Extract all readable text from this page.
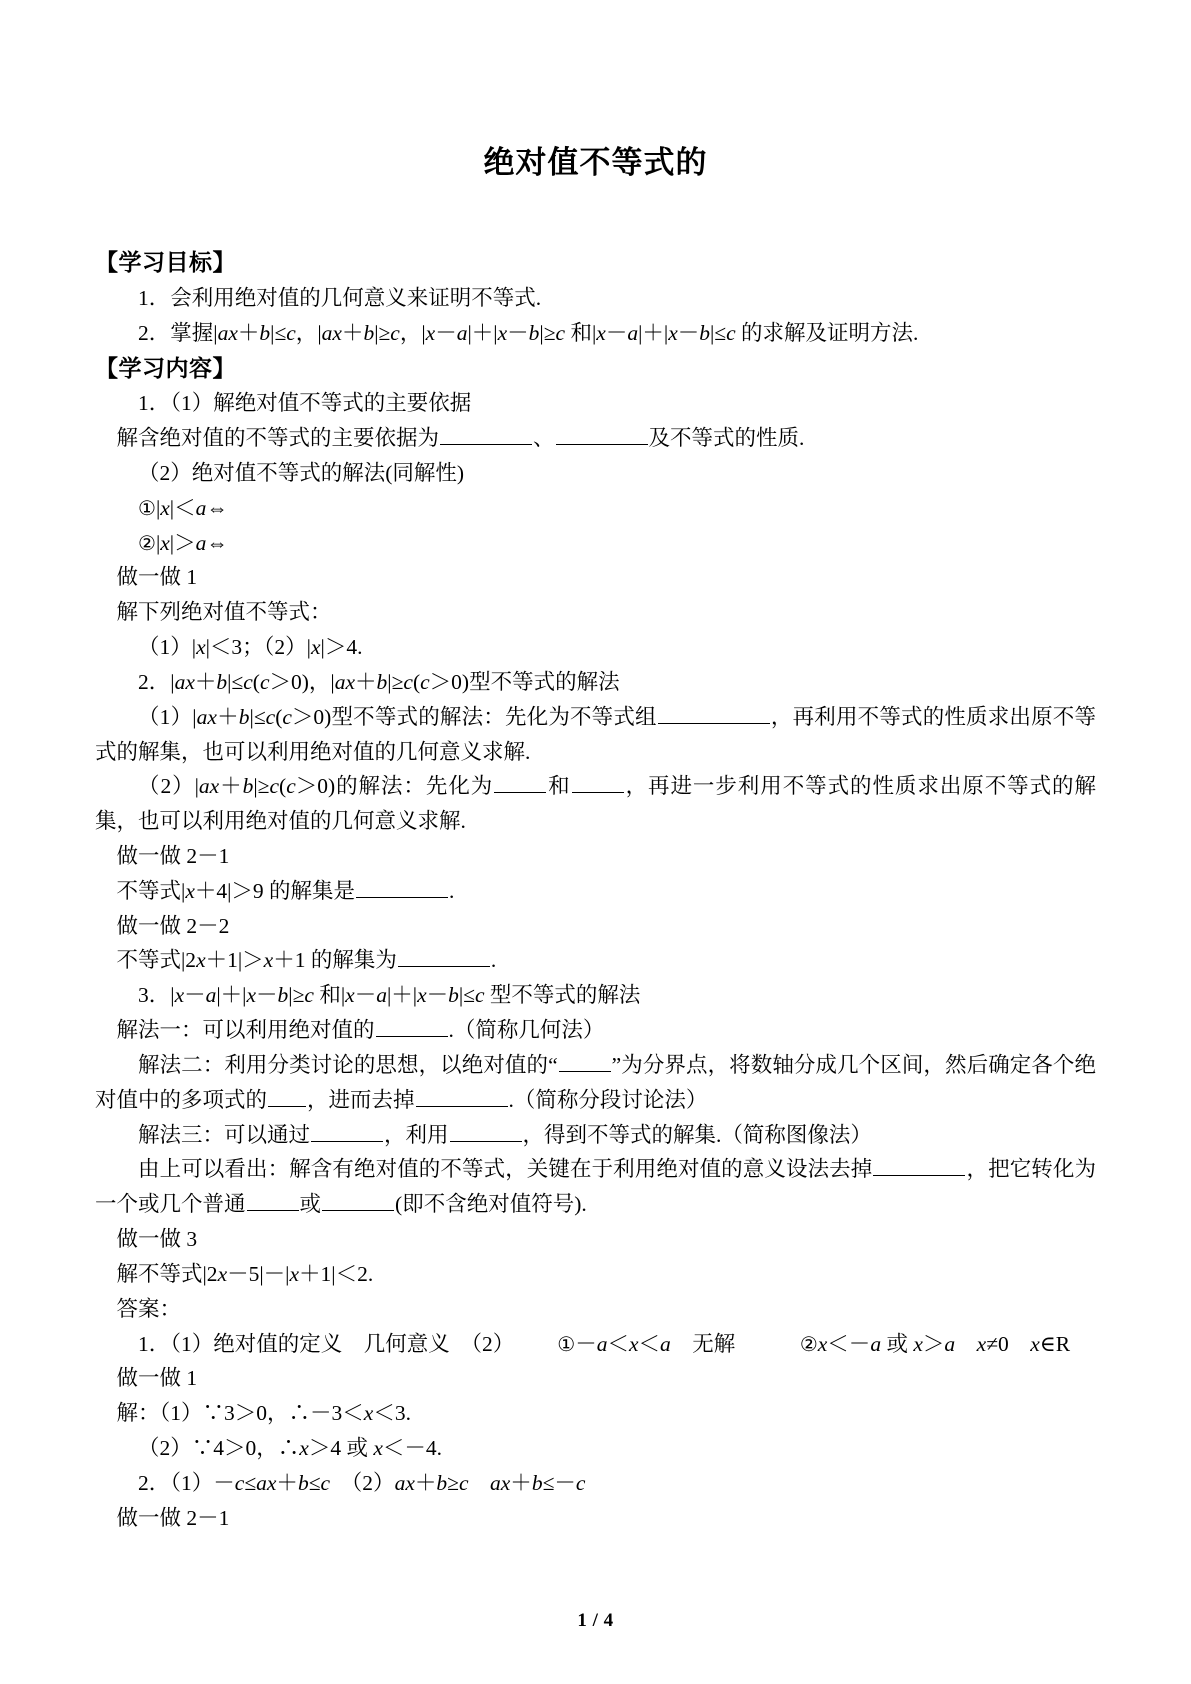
绝对值不等式的

【学习目标】

1．会利用绝对值的几何意义来证明不等式.

2．掌握|ax＋b|≤c，|ax＋b|≥c，|x－a|＋|x－b|≥c 和|x－a|＋|x－b|≤c 的求解及证明方法.

【学习内容】

1．（1）解绝对值不等式的主要依据

解含绝对值的不等式的主要依据为	、	及不等式的性质.

（2）绝对值不等式的解法(同解性)

①|x|＜a⇔

②|x|＞a⇔

做一做 1

解下列绝对值不等式：

（1）|x|＜3；（2）|x|＞4.

2．|ax＋b|≤c(c＞0)，|ax＋b|≥c(c＞0)型不等式的解法

（1）|ax＋b|≤c(c＞0)型不等式的解法：先化为不等式组	，再利用不等式的性质求出原不等式的解集，也可以利用绝对值的几何意义求解.

（2）|ax＋b|≥c(c＞0)的解法：先化为	和	，再进一步利用不等式的性质求出原不等式的解集，也可以利用绝对值的几何意义求解.

做一做 2－1

不等式|x＋4|＞9 的解集是	.

做一做 2－2

不等式|2x＋1|＞x＋1 的解集为	.

3．|x－a|＋|x－b|≥c 和|x－a|＋|x－b|≤c 型不等式的解法

解法一：可以利用绝对值的	.（简称几何法）

解法二：利用分类讨论的思想，以绝对值的“	”为分界点，将数轴分成几个区间，然后确定各个绝对值中的多项式的 ，进而去掉	.（简称分段讨论法）

解法三：可以通过	，利用	，得到不等式的解集.（简称图像法）

由上可以看出：解含有绝对值的不等式，关键在于利用绝对值的意义设法去掉	，把它转化为一个或几个普通	或	(即不含绝对值符号).

做一做 3

解不等式|2x－5|－|x＋1|＜2.

答案：

1．（1）绝对值的定义　几何意义　（2） ①－a＜x＜a　无解　②x＜－a 或 x＞a　 x≠0　x∈R

做一做 1

解：（1）∵3＞0，∴－3＜x＜3.

（2）∵4＞0，∴x＞4 或 x＜－4.

2．（1）－c≤ax＋b≤c　（2）ax＋b≥c　 ax＋b≤－c

做一做 2－1

1 / 4
